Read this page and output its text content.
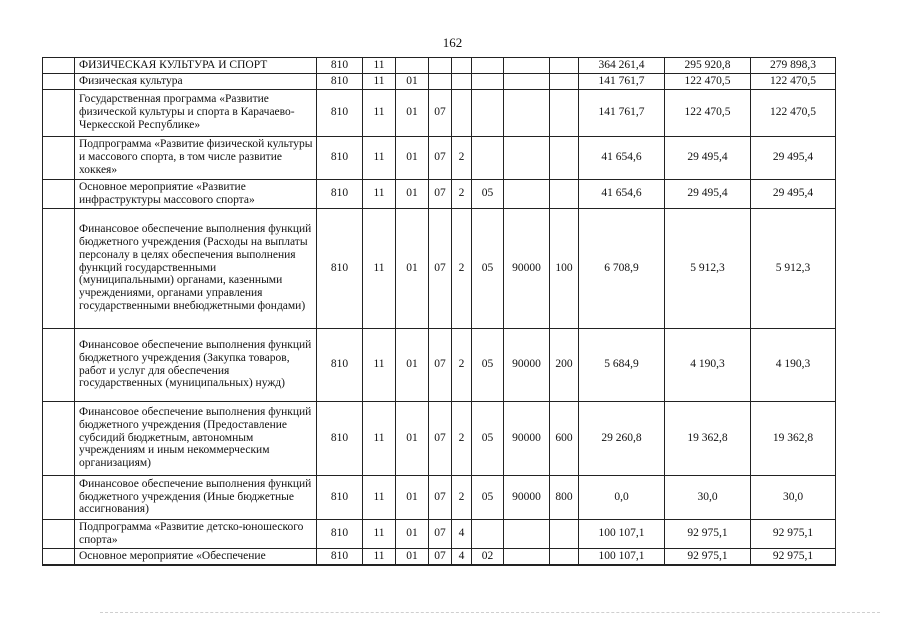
162
	ФИЗИЧЕСКАЯ КУЛЬТУРА И СПОРТ	810	11							364 261,4	295 920,8	279 898,3
	Физическая культура	810	11	01						141 761,7	122 470,5	122 470,5
	Государственная программа «Развитие физической культуры и спорта в Карачаево-Черкесской Республике»	810	11	01	07					141 761,7	122 470,5	122 470,5
	Подпрограмма «Развитие физической культуры и массового спорта, в том числе развитие хоккея»	810	11	01	07	2				41 654,6	29 495,4	29 495,4
	Основное мероприятие «Развитие инфраструктуры массового спорта»	810	11	01	07	2	05			41 654,6	29 495,4	29 495,4
	Финансовое обеспечение выполнения функций бюджетного учреждения (Расходы на выплаты персоналу в целях обеспечения выполнения функций государственными (муниципальными) органами, казенными учреждениями, органами управления государственными внебюджетными фондами)	810	11	01	07	2	05	90000	100	6 708,9	5 912,3	5 912,3
	Финансовое обеспечение выполнения функций бюджетного учреждения (Закупка товаров, работ и услуг для обеспечения государственных (муниципальных) нужд)	810	11	01	07	2	05	90000	200	5 684,9	4 190,3	4 190,3
	Финансовое обеспечение выполнения функций бюджетного учреждения (Предоставление субсидий бюджетным, автономным учреждениям и иным некоммерческим организациям)	810	11	01	07	2	05	90000	600	29 260,8	19 362,8	19 362,8
	Финансовое обеспечение выполнения функций бюджетного учреждения (Иные бюджетные ассигнования)	810	11	01	07	2	05	90000	800	0,0	30,0	30,0
	Подпрограмма «Развитие детско-юношеского спорта»	810	11	01	07	4				100 107,1	92 975,1	92 975,1
	Основное мероприятие «Обеспечение	810	11	01	07	4	02			100 107,1	92 975,1	92 975,1
